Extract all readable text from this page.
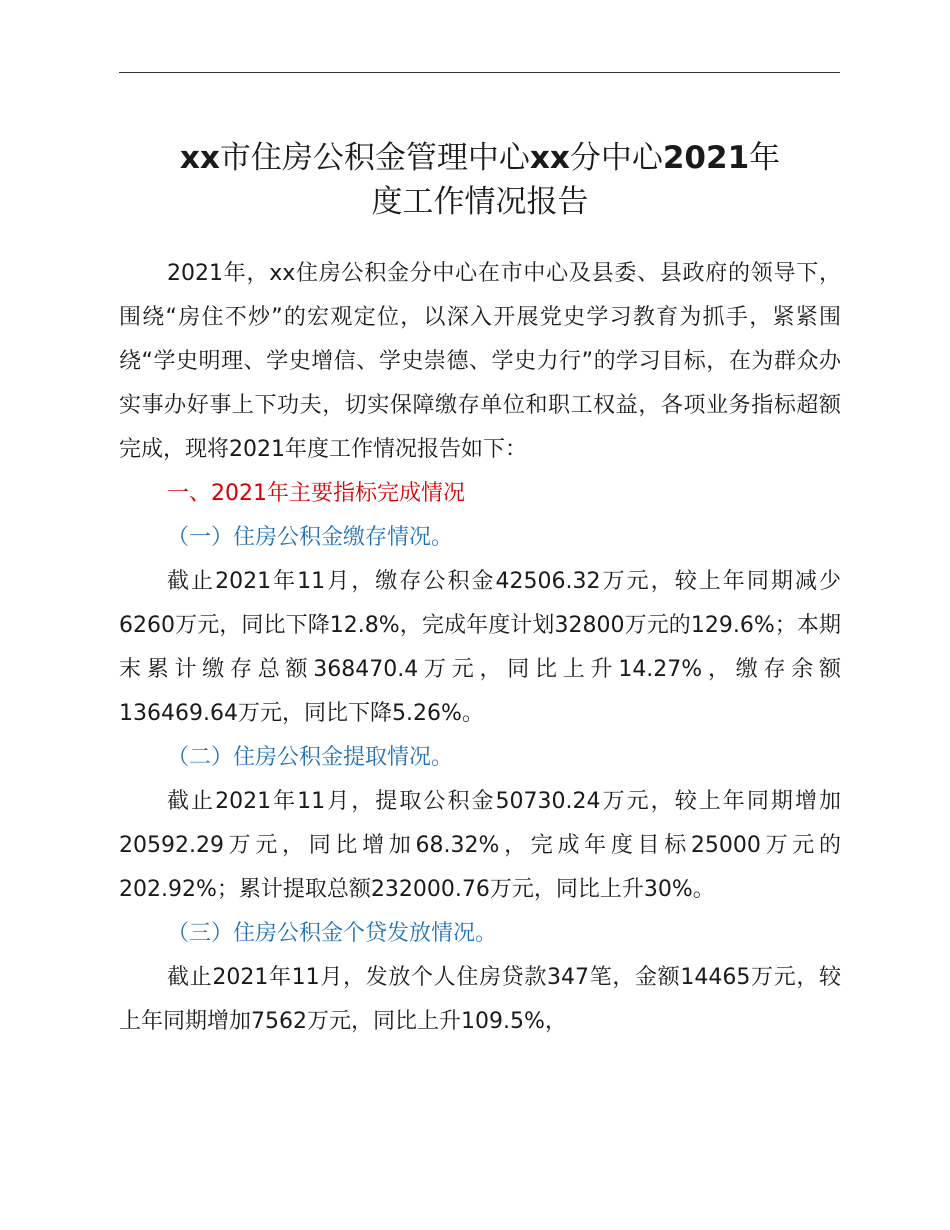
xx市住房公积金管理中心xx分中心2021年
度工作情况报告

2021年，xx住房公积金分中心在市中心及县委、县政府的领导下，围绕“房住不炒”的宏观定位，以深入开展党史学习教育为抓手，紧紧围绕“学史明理、学史增信、学史崇德、学史力行”的学习目标，在为群众办实事办好事上下功夫，切实保障缴存单位和职工权益，各项业务指标超额完成，现将2021年度工作情况报告如下：

一、2021年主要指标完成情况

（一）住房公积金缴存情况。

截止2021年11月，缴存公积金42506.32万元，较上年同期减少6260万元，同比下降12.8%，完成年度计划32800万元的129.6%；本期末累计缴存总额368470.4万元，同比上升14.27%，缴存余额136469.64万元，同比下降5.26%。

（二）住房公积金提取情况。

截止2021年11月，提取公积金50730.24万元，较上年同期增加20592.29万元，同比增加68.32%，完成年度目标25000万元的202.92%；累计提取总额232000.76万元，同比上升30%。

（三）住房公积金个贷发放情况。

截止2021年11月，发放个人住房贷款347笔，金额14465万元，较上年同期增加7562万元，同比上升109.5%，
